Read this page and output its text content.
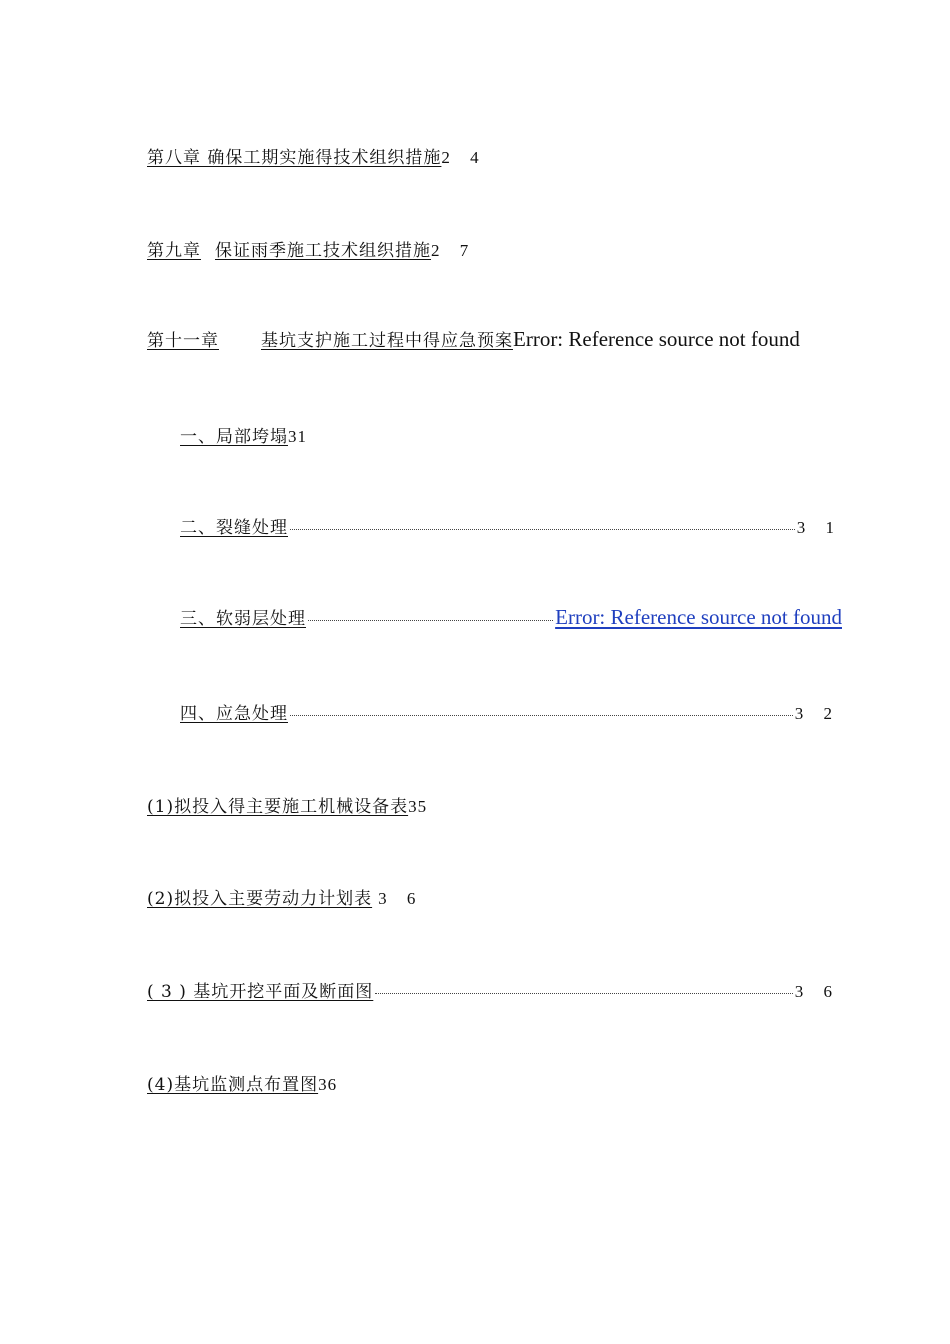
第八章 确保工期实施得技术组织措施 2 4
第九章 保证雨季施工技术组织措施 2 7
第十一章 基坑支护施工过程中得应急预案 Error: Reference source not found
一、局部垮塌 31
二、裂缝处理	3 1
三、软弱层处理	Error: Reference source not found
四、应急处理	3 2
(1)拟投入得主要施工机械设备表 35
(2)拟投入主要劳动力计划表 3 6
( 3 ) 基坑开挖平面及断面图	3 6
(4)基坑监测点布置图 36
